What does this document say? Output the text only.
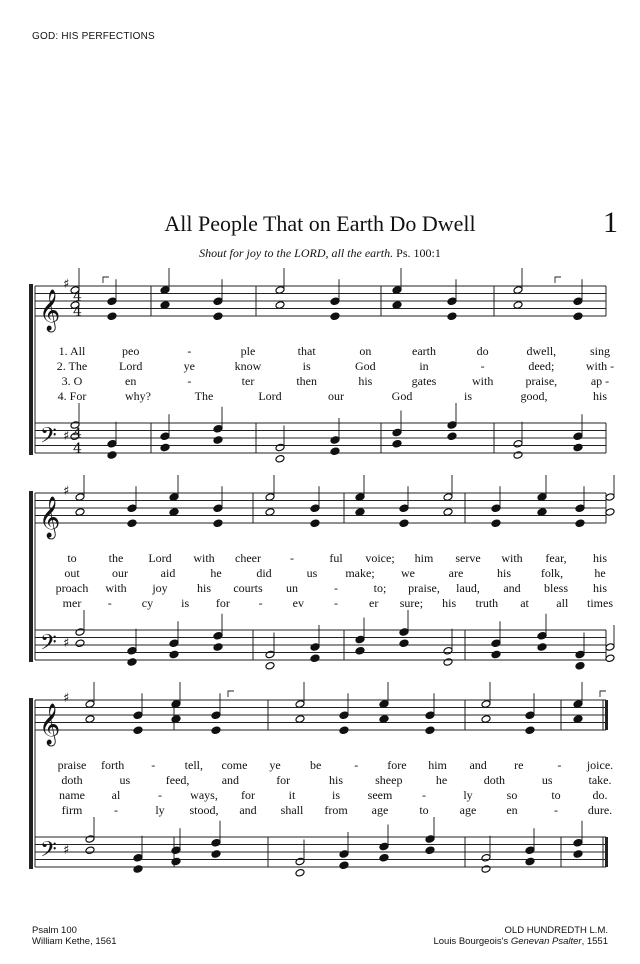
GOD: HIS PERFECTIONS
All People That on Earth Do Dwell	1
Shout for joy to the LORD, all the earth. Ps. 100:1
𝄞
𝄢
♯
♯
4
4
4
4
𝄞
𝄢
♯
♯
𝄞
𝄢
♯
♯
1. All	peo	-	ple	that	on	earth	do	dwell,	sing
2. The	Lord	ye	know	is	God	in	-	deed;	with -
3. O	en	-	ter	then	his	gates	with	praise,	ap -
4. For	why?	The	Lord	our	God	is	good,	his
to	the Lord with cheer -	ful voice; him serve with fear, his
out	our	aid	he	did	us make; we	are	his folk,	he
proach with joy his courts un	-	to; praise, laud, and bless his
mer -	cy is for -	ev	-	er sure; his truth at all times
praise forth - tell, come ye be	- fore him and re	- joice.
doth	us	feed,	and	for	his	sheep	he	doth	us	take.
name al	- ways, for	it	is seem -	ly	so	to	do.
firm	-	ly stood, and shall from age	to	age	en	- dure.
Psalm 100
William Kethe, 1561
OLD HUNDREDTH L.M.
Louis Bourgeois's Genevan Psalter, 1551
